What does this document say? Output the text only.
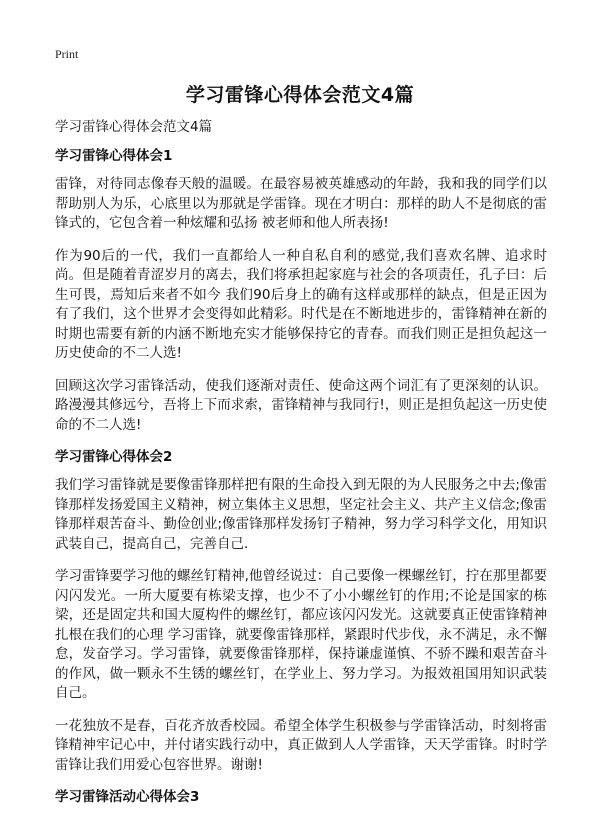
Print
学习雷锋心得体会范文4篇

学习雷锋心得体会范文4篇

学习雷锋心得体会1

雷锋，对待同志像春天般的温暖。在最容易被英雄感动的年龄，我和我的同学们以帮助别人为乐，心底里以为那就是学雷锋。现在才明白：那样的助人不是彻底的雷锋式的，它包含着一种炫耀和弘扬 被老师和他人所表扬!

作为90后的一代，我们一直都给人一种自私自利的感觉,我们喜欢名牌、追求时尚。但是随着青涩岁月的离去，我们将承担起家庭与社会的各项责任，孔子曰：后生可畏，焉知后来者不如今 我们90后身上的确有这样或那样的缺点，但是正因为有了我们，这个世界才会变得如此精彩。时代是在不断地进步的，雷锋精神在新的时期也需要有新的内涵不断地充实才能够保持它的青春。而我们则正是担负起这一历史使命的不二人选!

回顾这次学习雷锋活动，使我们逐渐对责任、使命这两个词汇有了更深刻的认识。路漫漫其修远兮，吾将上下而求索，雷锋精神与我同行!，则正是担负起这一历史使命的不二人选!

学习雷锋心得体会2

我们学习雷锋就是要像雷锋那样把有限的生命投入到无限的为人民服务之中去;像雷锋那样发扬爱国主义精神，树立集体主义思想，坚定社会主义、共产主义信念;像雷锋那样艰苦奋斗、勤俭创业;像雷锋那样发扬钉子精神，努力学习科学文化，用知识武装自己，提高自己，完善自己.

学习雷锋要学习他的螺丝钉精神,他曾经说过：自己要像一棵螺丝钉，拧在那里都要闪闪发光。一所大厦要有栋梁支撑，也少不了小小螺丝钉的作用;不论是国家的栋梁，还是固定共和国大厦构件的螺丝钉，都应该闪闪发光。这就要真正使雷锋精神扎根在我们的心理 学习雷锋，就要像雷锋那样，紧跟时代步伐，永不满足，永不懈怠，发奋学习。学习雷锋，就要像雷锋那样，保持谦虚谨慎、不骄不躁和艰苦奋斗的作风，做一颗永不生锈的螺丝钉，在学业上、努力学习。为报效祖国用知识武装自己。

一花独放不是春，百花齐放香校园。希望全体学生积极参与学雷锋活动，时刻将雷锋精神牢记心中，并付诸实践行动中，真正做到人人学雷锋，天天学雷锋。时时学雷锋让我们用爱心包容世界。谢谢!

学习雷锋活动心得体会3
